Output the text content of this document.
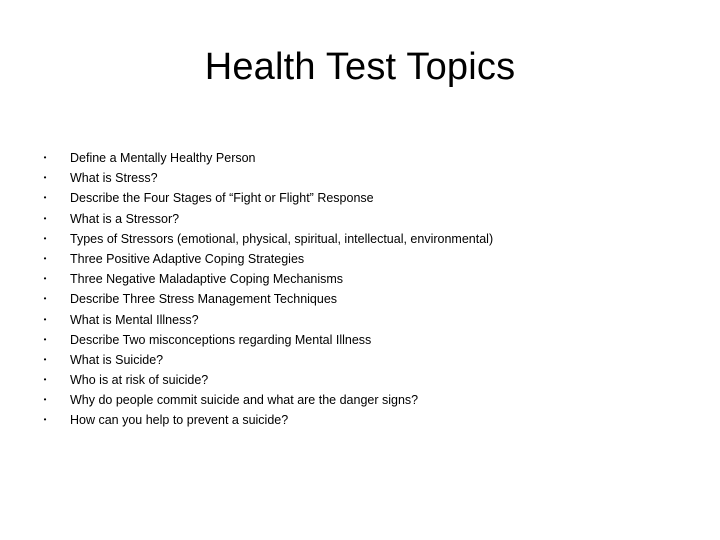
Health Test Topics
• Define a Mentally Healthy Person
• What is Stress?
• Describe the Four Stages of “Fight or Flight” Response
• What is a Stressor?
• Types of Stressors (emotional, physical, spiritual, intellectual, environmental)
• Three Positive Adaptive Coping Strategies
• Three Negative Maladaptive Coping Mechanisms
• Describe Three Stress Management Techniques
• What is Mental Illness?
• Describe Two misconceptions regarding Mental Illness
• What is Suicide?
• Who is at risk of suicide?
• Why do people commit suicide and what are the danger signs?
• How can you help to prevent a suicide?
